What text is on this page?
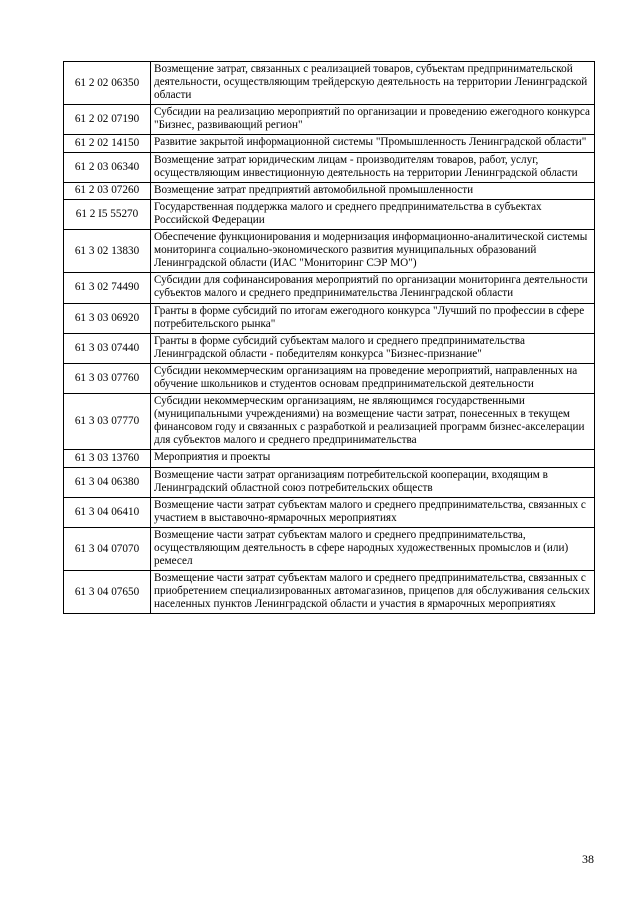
61 2 02 06350	Возмещение затрат, связанных с реализацией товаров, субъектам предпринимательской деятельности, осуществляющим трейдерскую деятельность на территории Ленинградской области
61 2 02 07190	Субсидии на реализацию мероприятий по организации и проведению ежегодного конкурса "Бизнес, развивающий регион"
61 2 02 14150	Развитие закрытой информационной системы "Промышленность Ленинградской области"
61 2 03 06340	Возмещение затрат юридическим лицам - производителям товаров, работ, услуг, осуществляющим инвестиционную деятельность на территории Ленинградской области
61 2 03 07260	Возмещение затрат предприятий автомобильной промышленности
61 2 I5 55270	Государственная поддержка малого и среднего предпринимательства в субъектах Российской Федерации
61 3 02 13830	Обеспечение функционирования и модернизация информационно-аналитической системы мониторинга социально-экономического развития муниципальных образований Ленинградской области (ИАС "Мониторинг СЭР МО")
61 3 02 74490	Субсидии для софинансирования мероприятий по организации мониторинга деятельности субъектов малого и среднего предпринимательства Ленинградской области
61 3 03 06920	Гранты в форме субсидий по итогам ежегодного конкурса "Лучший по профессии в сфере потребительского рынка"
61 3 03 07440	Гранты в форме субсидий субъектам малого и среднего предпринимательства Ленинградской области - победителям конкурса "Бизнес-признание"
61 3 03 07760	Субсидии некоммерческим организациям на проведение мероприятий, направленных на обучение школьников и студентов основам предпринимательской деятельности
61 3 03 07770	Субсидии некоммерческим организациям, не являющимся государственными (муниципальными учреждениями) на возмещение части затрат, понесенных в текущем финансовом году и связанных с разработкой и реализацией программ бизнес-акселерации для субъектов малого и среднего предпринимательства
61 3 03 13760	Мероприятия и проекты
61 3 04 06380	Возмещение части затрат организациям потребительской кооперации, входящим в Ленинградский областной союз потребительских обществ
61 3 04 06410	Возмещение части затрат субъектам малого и среднего предпринимательства, связанных с участием в выставочно-ярмарочных мероприятиях
61 3 04 07070	Возмещение части затрат субъектам малого и среднего предпринимательства, осуществляющим деятельность в сфере народных художественных промыслов и (или) ремесел
61 3 04 07650	Возмещение части затрат субъектам малого и среднего предпринимательства, связанных с приобретением специализированных автомагазинов, прицепов для обслуживания сельских населенных пунктов Ленинградской области и участия в ярмарочных мероприятиях
38
